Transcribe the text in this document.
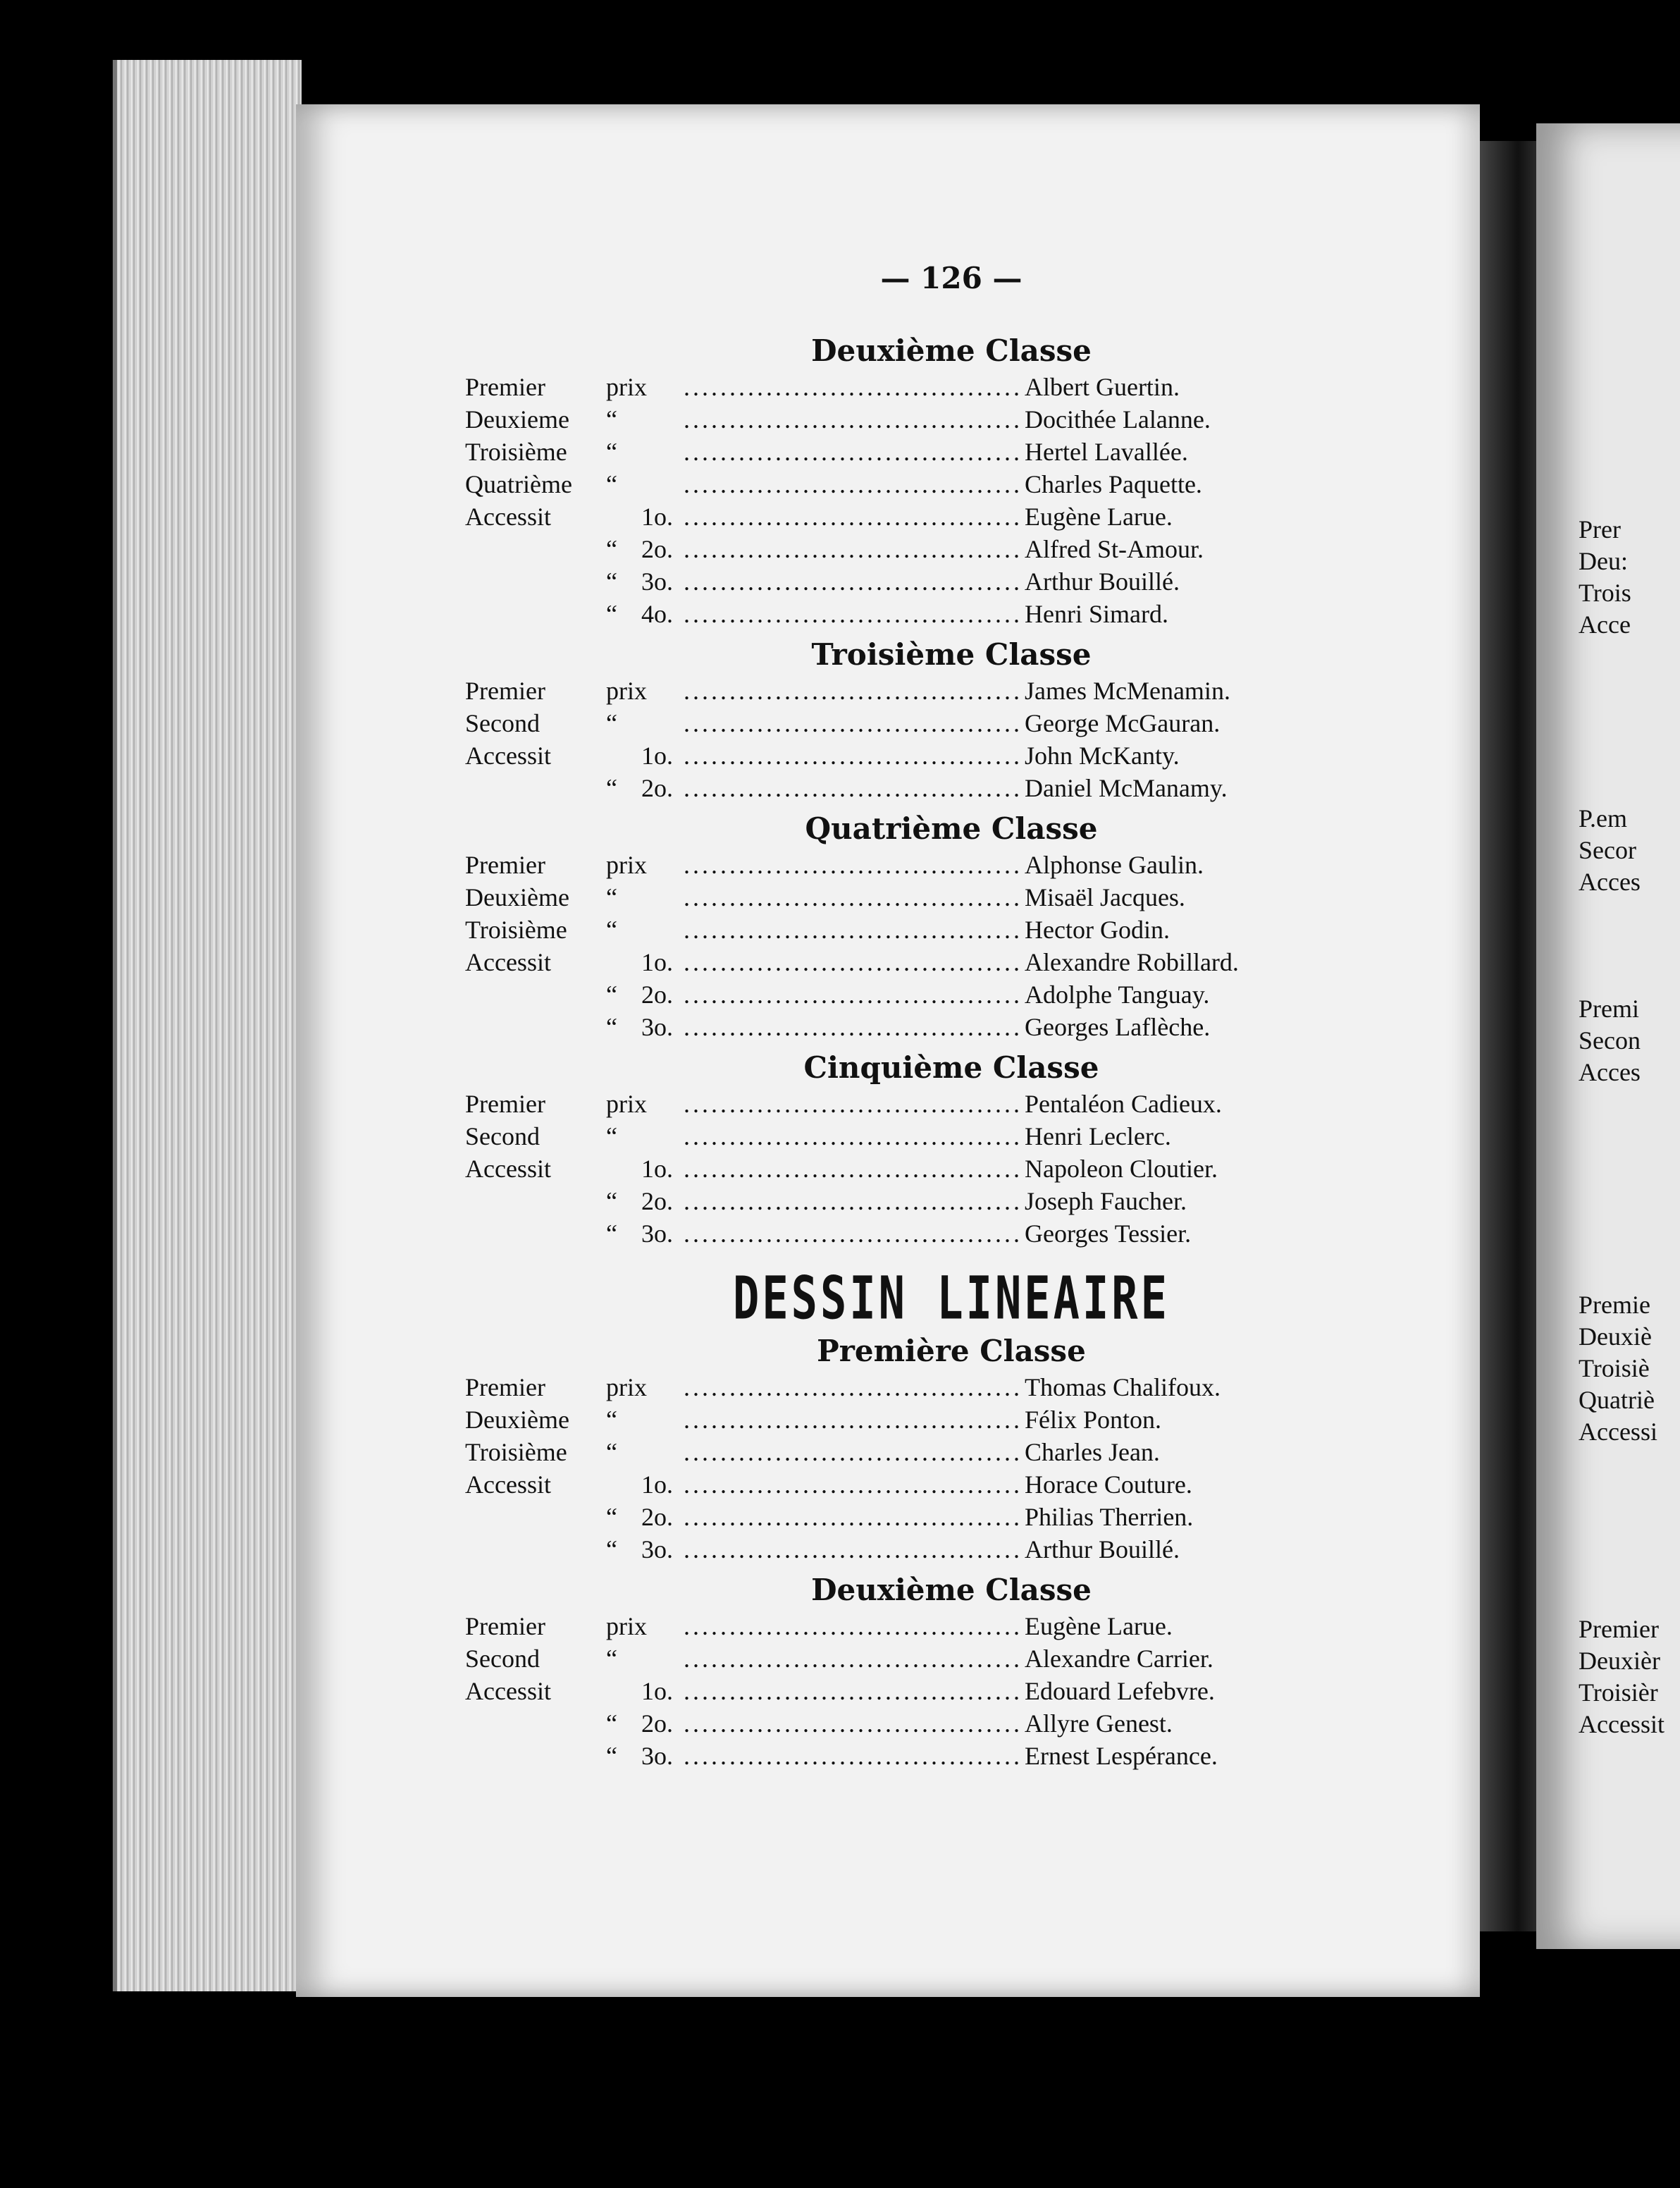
— 126 —
Deuxième Classe
Premier	prix .....	Albert Guertin.
Deuxieme	“ .....	Docithée Lalanne.
Troisième	“ .....	Hertel Lavallée.
Quatrième	“ .....	Charles Paquette.
Accessit	1o. .....	Eugène Larue.
“ 2o. .....	Alfred St-Amour.
“ 3o. .....	Arthur Bouillé.
“ 4o. .....	Henri Simard.
Troisième Classe
Premier	prix .....	James McMenamin.
Second	“ .....	George McGauran.
Accessit	1o. .....	John McKanty.
“ 2o. .....	Daniel McManamy.
Quatrième Classe
Premier	prix .....	Alphonse Gaulin.
Deuxième	“ .....	Misaël Jacques.
Troisième	“ .....	Hector Godin.
Accessit	1o. .....	Alexandre Robillard.
“ 2o. .....	Adolphe Tanguay.
“ 3o. .....	Georges Laflèche.
Cinquième Classe
Premier	prix .....	Pentaléon Cadieux.
Second	“ .....	Henri Leclerc.
Accessit	1o. .....	Napoleon Cloutier.
“ 2o. .....	Joseph Faucher.
“ 3o. .....	Georges Tessier.
DESSIN LINEAIRE
Première Classe
Premier	prix .....	Thomas Chalifoux.
Deuxième	“ .....	Félix Ponton.
Troisième	“ .....	Charles Jean.
Accessit	1o. .....	Horace Couture.
“ 2o. .....	Philias Therrien.
“ 3o. .....	Arthur Bouillé.
Deuxième Classe
Premier	prix .....	Eugène Larue.
Second	“ .....	Alexandre Carrier.
Accessit	1o. .....	Edouard Lefebvre.
“ 2o. .....	Allyre Genest.
“ 3o. .....	Ernest Lespérance.
Prer
Deu:
Trois
Acce
P.em
Secor
Acces
Premi
Secon
Acces
Premie
Deuxiè
Troisiè
Quatriè
Accessi
Premier
Deuxièr
Troisièr
Accessit
